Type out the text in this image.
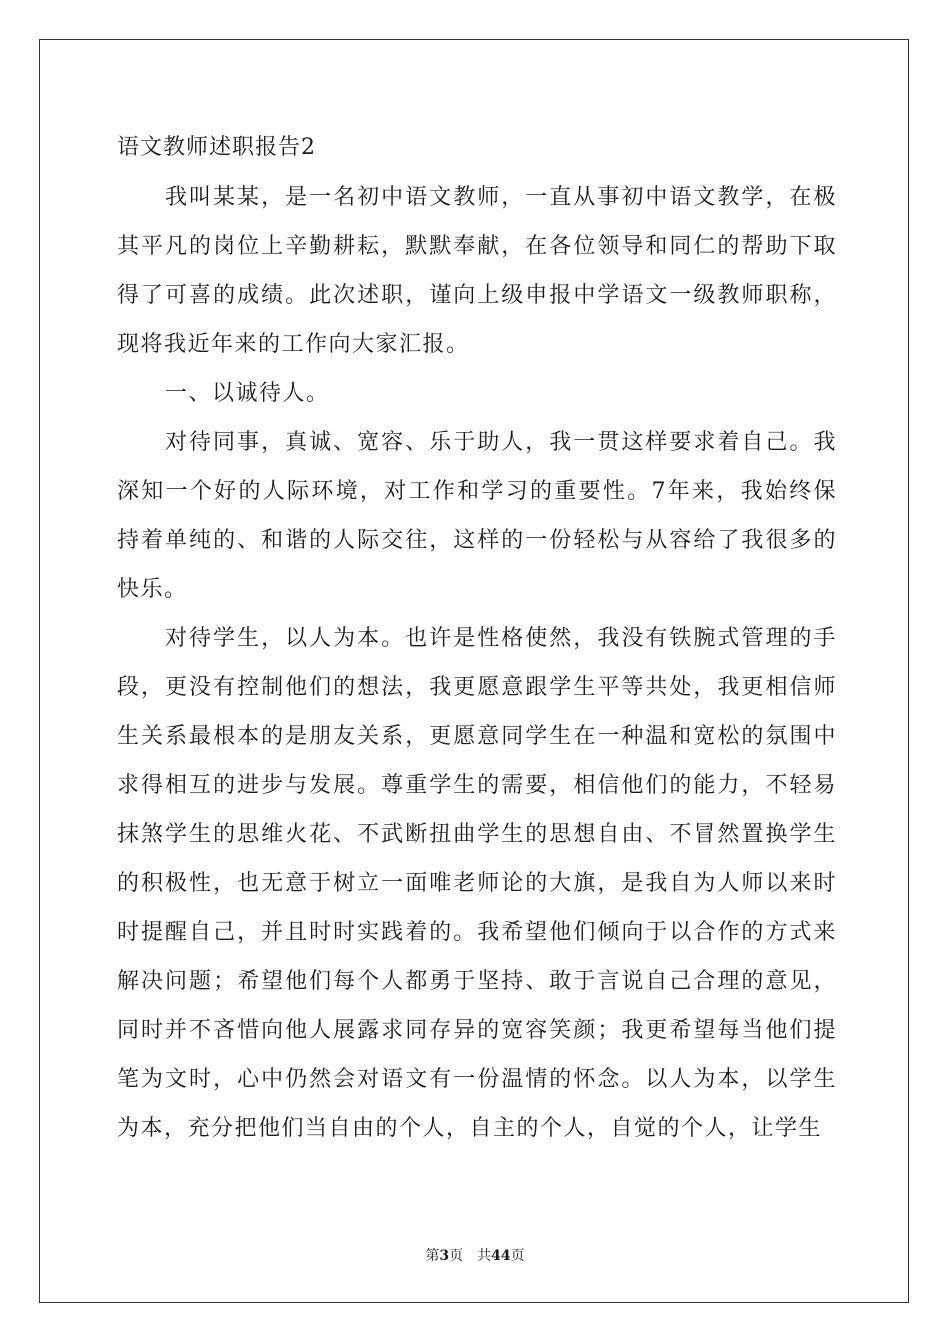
语文教师述职报告2

我叫某某，是一名初中语文教师，一直从事初中语文教学，在极其平凡的岗位上辛勤耕耘，默默奉献，在各位领导和同仁的帮助下取得了可喜的成绩。此次述职，谨向上级申报中学语文一级教师职称，现将我近年来的工作向大家汇报。

一、以诚待人。

对待同事，真诚、宽容、乐于助人，我一贯这样要求着自己。我深知一个好的人际环境，对工作和学习的重要性。7年来，我始终保持着单纯的、和谐的人际交往，这样的一份轻松与从容给了我很多的快乐。

对待学生，以人为本。也许是性格使然，我没有铁腕式管理的手段，更没有控制他们的想法，我更愿意跟学生平等共处，我更相信师生关系最根本的是朋友关系，更愿意同学生在一种温和宽松的氛围中求得相互的进步与发展。尊重学生的需要，相信他们的能力，不轻易抹煞学生的思维火花、不武断扭曲学生的思想自由、不冒然置换学生的积极性，也无意于树立一面唯老师论的大旗，是我自为人师以来时时提醒自己，并且时时实践着的。我希望他们倾向于以合作的方式来解决问题；希望他们每个人都勇于坚持、敢于言说自己合理的意见，同时并不吝惜向他人展露求同存异的宽容笑颜；我更希望每当他们提笔为文时，心中仍然会对语文有一份温情的怀念。以人为本，以学生为本，充分把他们当自由的个人，自主的个人，自觉的个人，让学生

第3页 共44页
